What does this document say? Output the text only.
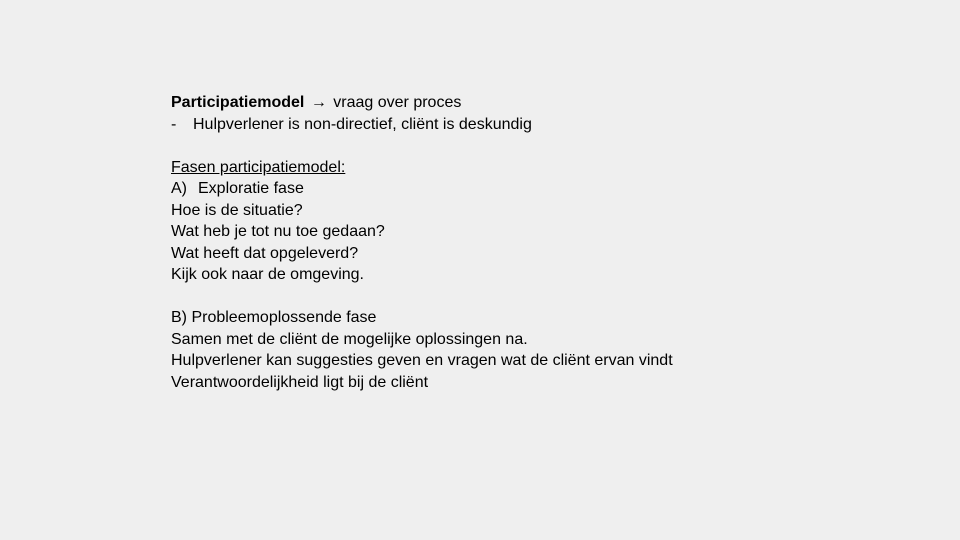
Participatiemodel → vraag over proces
- Hulpverlener is non-directief, cliënt is deskundig
Fasen participatiemodel:
A) Exploratie fase
Hoe is de situatie?
Wat heb je tot nu toe gedaan?
Wat heeft dat opgeleverd?
Kijk ook naar de omgeving.
B) Probleemoplossende fase
Samen met de cliënt de mogelijke oplossingen na.
Hulpverlener kan suggesties geven en vragen wat de cliënt ervan vindt
Verantwoordelijkheid ligt bij de cliënt
